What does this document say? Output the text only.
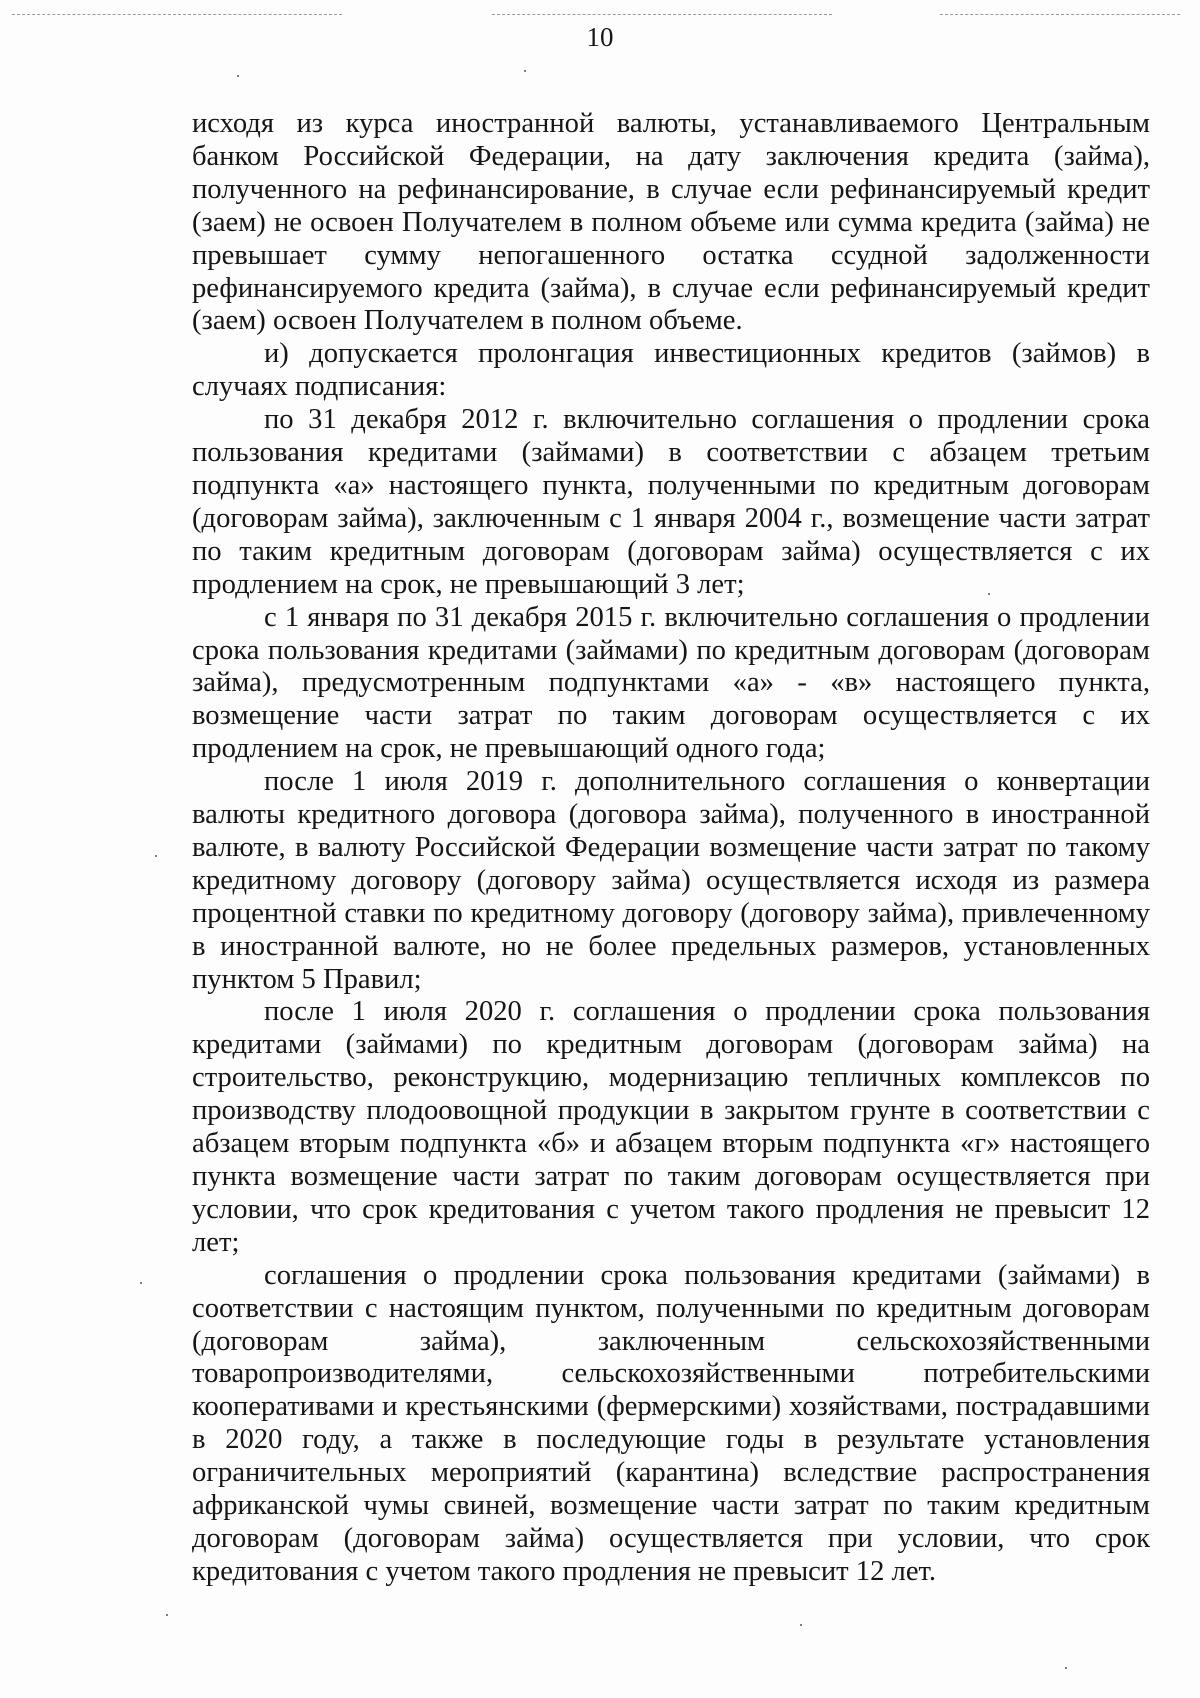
10

исходя из курса иностранной валюты, устанавливаемого Центральным банком Российской Федерации, на дату заключения кредита (займа), полученного на рефинансирование, в случае если рефинансируемый кредит (заем) не освоен Получателем в полном объеме или сумма кредита (займа) не превышает сумму непогашенного остатка ссудной задолженности рефинансируемого кредита (займа), в случае если рефинансируемый кредит (заем) освоен Получателем в полном объеме.

и) допускается пролонгация инвестиционных кредитов (займов) в случаях подписания:

по 31 декабря 2012 г. включительно соглашения о продлении срока пользования кредитами (займами) в соответствии с абзацем третьим подпункта «а» настоящего пункта, полученными по кредитным договорам (договорам займа), заключенным с 1 января 2004 г., возмещение части затрат по таким кредитным договорам (договорам займа) осуществляется с их продлением на срок, не превышающий 3 лет;

с 1 января по 31 декабря 2015 г. включительно соглашения о продлении срока пользования кредитами (займами) по кредитным договорам (договорам займа), предусмотренным подпунктами «а» - «в» настоящего пункта, возмещение части затрат по таким договорам осуществляется с их продлением на срок, не превышающий одного года;

после 1 июля 2019 г. дополнительного соглашения о конвертации валюты кредитного договора (договора займа), полученного в иностранной валюте, в валюту Российской Федерации возмещение части затрат по такому кредитному договору (договору займа) осуществляется исходя из размера процентной ставки по кредитному договору (договору займа), привлеченному в иностранной валюте, но не более предельных размеров, установленных пунктом 5 Правил;

после 1 июля 2020 г. соглашения о продлении срока пользования кредитами (займами) по кредитным договорам (договорам займа) на строительство, реконструкцию, модернизацию тепличных комплексов по производству плодоовощной продукции в закрытом грунте в соответствии с абзацем вторым подпункта «б» и абзацем вторым подпункта «г» настоящего пункта возмещение части затрат по таким договорам осуществляется при условии, что срок кредитования с учетом такого продления не превысит 12 лет;

соглашения о продлении срока пользования кредитами (займами) в соответствии с настоящим пунктом, полученными по кредитным договорам (договорам займа), заключенным сельскохозяйственными товаропроизводителями, сельскохозяйственными потребительскими кооперативами и крестьянскими (фермерскими) хозяйствами, пострадавшими в 2020 году, а также в последующие годы в результате установления ограничительных мероприятий (карантина) вследствие распространения африканской чумы свиней, возмещение части затрат по таким кредитным договорам (договорам займа) осуществляется при условии, что срок кредитования с учетом такого продления не превысит 12 лет.
